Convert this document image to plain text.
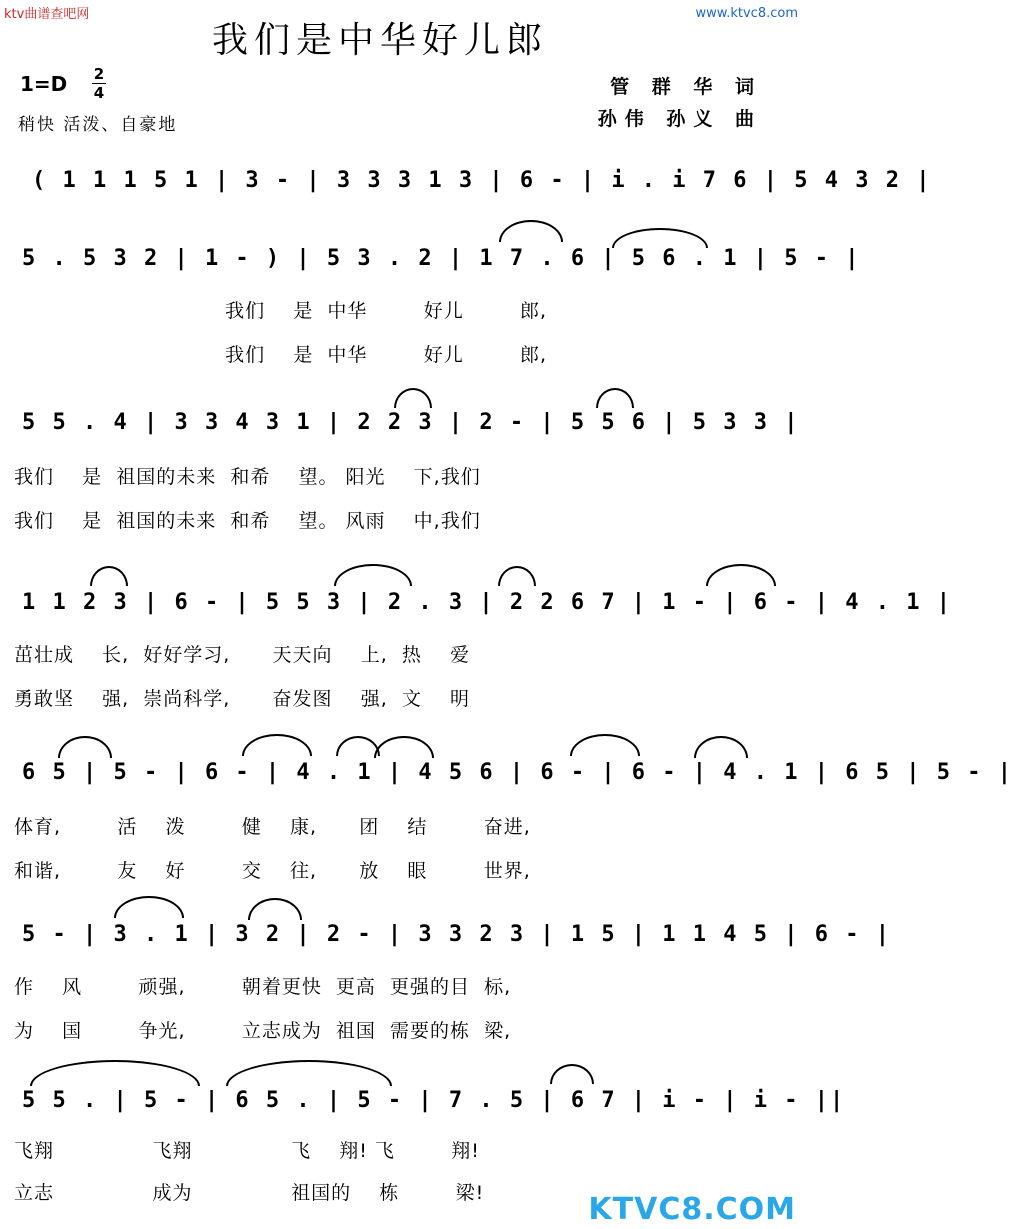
ktv曲谱查吧网	www.ktvc8.com
KTVC8.COM
我们是中华好儿郎
1=D 2
4
稍快 活泼、自豪地
管 群 华 词
孙伟 孙义 曲
( 1 1 1 5 1 | 3 - | 3 3 3 1 3 | 6 - | i . i 7 6 | 5 4 3 2 |
5 . 5 3 2 | 1 - ) | 5 3 . 2 | 1 7 . 6 | 5 6 . 1 | 5 - |
我们    是  中华        好儿        郎,
我们    是  中华        好儿        郎,
5 5 . 4 | 3 3 4 3 1 | 2 2 3 | 2 - | 5 5 6 | 5 3 3 |
我们    是  祖国的未来  和希    望。 阳光    下,我们
我们    是  祖国的未来  和希    望。 风雨    中,我们
1 1 2 3 | 6 - | 5 5 3 | 2 . 3 | 2 2 6 7 | 1 - | 6 - | 4 . 1 |
茁壮成    长,  好好学习,      天天向    上,  热    爱
勇敢坚    强,  崇尚科学,      奋发图    强,  文    明
6 5 | 5 - | 6 - | 4 . 1 | 4 5 6 | 6 - | 6 - | 4 . 1 | 6 5 | 5 - |
体育,        活    泼        健    康,      团    结        奋进,
和谐,        友    好        交    往,      放    眼        世界,
5 - | 3 . 1 | 3 2 | 2 - | 3 3 2 3 | 1 5 | 1 1 4 5 | 6 - |
作    风        顽强,        朝着更快  更高  更强的目  标,
为    国        争光,        立志成为  祖国  需要的栋  梁,
5 5 . | 5 - | 6 5 . | 5 - | 7 . 5 | 6 7 | i - | i - ||
飞翔              飞翔              飞    翔! 飞        翔!
立志              成为              祖国的    栋        梁!
